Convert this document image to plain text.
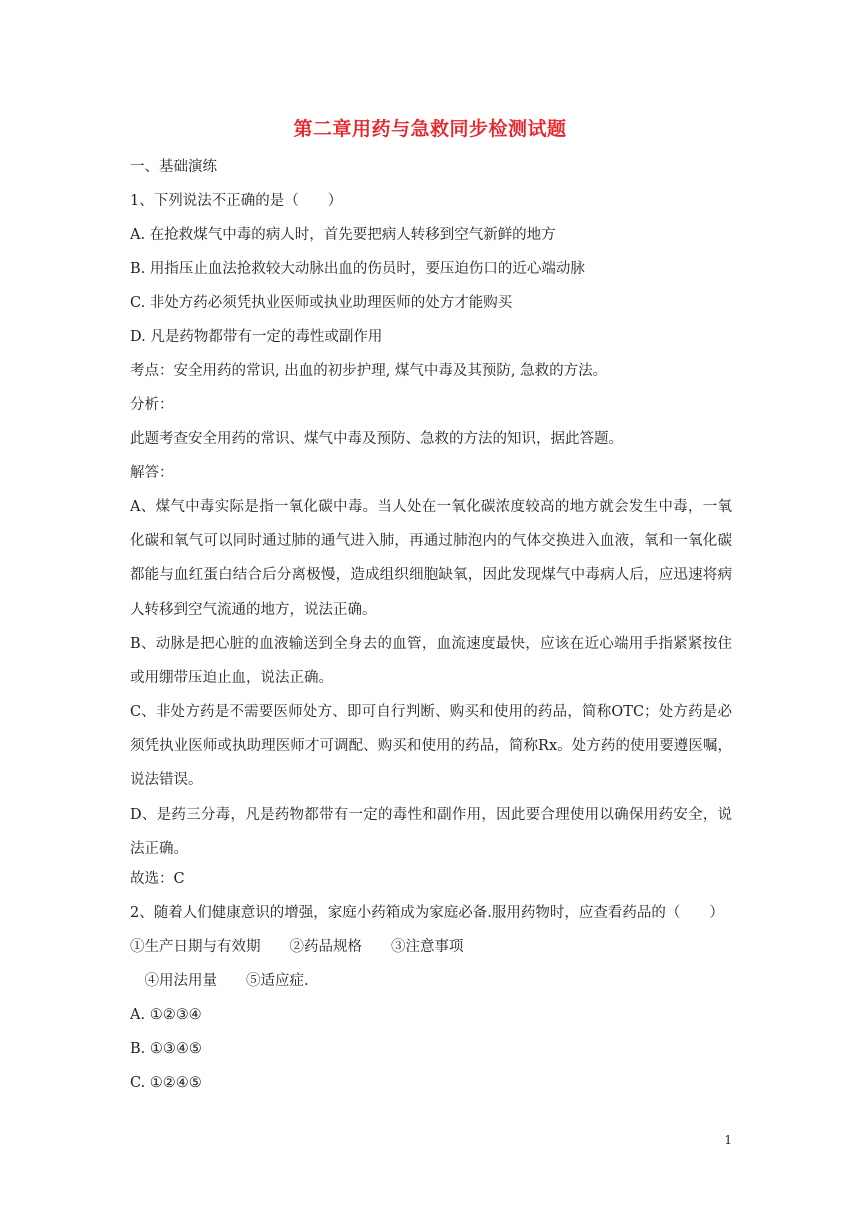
第二章用药与急救同步检测试题
一、基础演练
1、下列说法不正确的是（　　）
A. 在抢救煤气中毒的病人时，首先要把病人转移到空气新鲜的地方
B. 用指压止血法抢救较大动脉出血的伤员时，要压迫伤口的近心端动脉
C. 非处方药必须凭执业医师或执业助理医师的处方才能购买
D. 凡是药物都带有一定的毒性或副作用
考点：安全用药的常识, 出血的初步护理, 煤气中毒及其预防, 急救的方法。
分析：
此题考查安全用药的常识、煤气中毒及预防、急救的方法的知识，据此答题。
解答：
A、煤气中毒实际是指一氧化碳中毒。当人处在一氧化碳浓度较高的地方就会发生中毒，一氧化碳和氧气可以同时通过肺的通气进入肺，再通过肺泡内的气体交换进入血液，氧和一氧化碳都能与血红蛋白结合后分离极慢，造成组织细胞缺氧，因此发现煤气中毒病人后，应迅速将病人转移到空气流通的地方，说法正确。
B、动脉是把心脏的血液输送到全身去的血管，血流速度最快，应该在近心端用手指紧紧按住或用绷带压迫止血，说法正确。
C、非处方药是不需要医师处方、即可自行判断、购买和使用的药品，简称OTC；处方药是必须凭执业医师或执助理医师才可调配、购买和使用的药品，简称Rx。处方药的使用要遵医嘱，说法错误。
D、是药三分毒，凡是药物都带有一定的毒性和副作用，因此要合理使用以确保用药安全，说法正确。
故选：C
2、随着人们健康意识的增强，家庭小药箱成为家庭必备.服用药物时，应查看药品的（　　）
①生产日期与有效期　　②药品规格　　③注意事项
　④用法用量　　⑤适应症.
A. ①②③④
B. ①③④⑤
C. ①②④⑤
1
